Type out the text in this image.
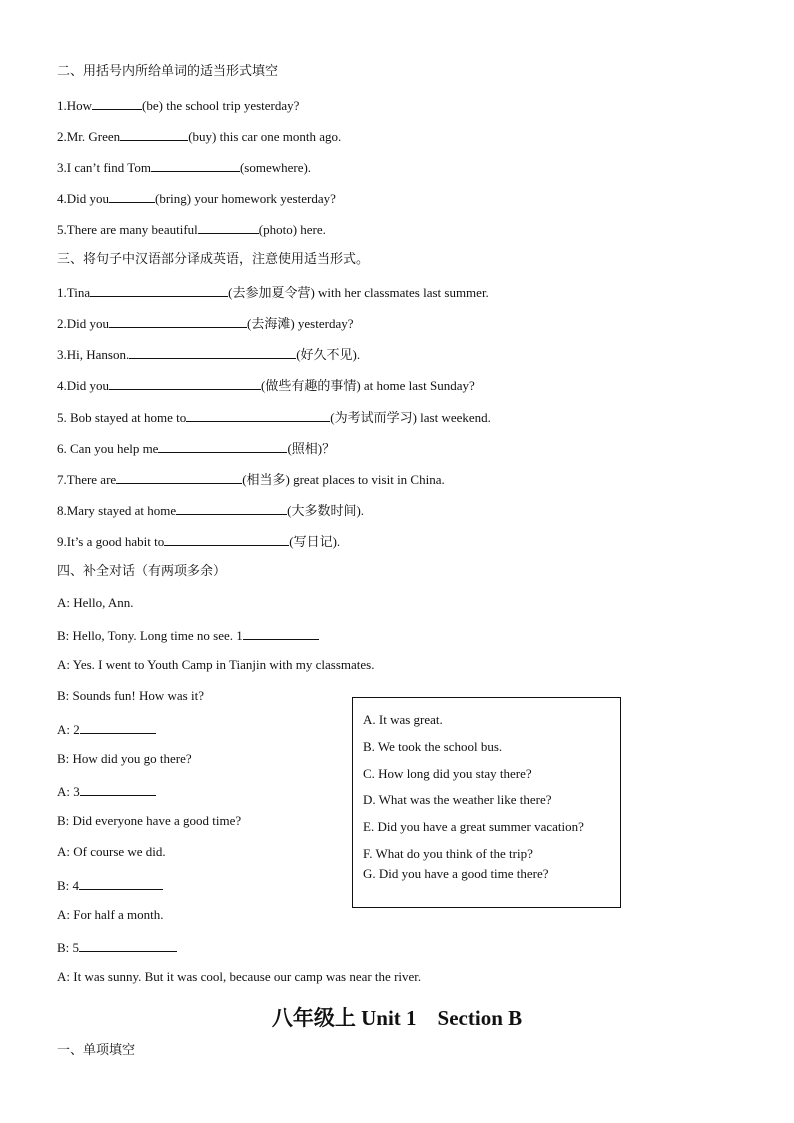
二、用括号内所给单词的适当形式填空
1.How	(be) the school trip yesterday?
2.Mr. Green	(buy) this car one month ago.
3.I can’t find Tom	(somewhere).
4.Did you	(bring) your homework yesterday?
5.There are many beautiful	(photo) here.
三、将句子中汉语部分译成英语，注意使用适当形式。
1.Tina	(去参加夏令营) with her classmates last summer.
2.Did you	(去海滩) yesterday?
3.Hi, Hanson.	(好久不见).
4.Did you	(做些有趣的事情) at home last Sunday?
5. Bob stayed at home to	(为考试而学习) last weekend.
6. Can you help me	(照相)？
7.There are	(相当多) great places to visit in China.
8.Mary stayed at home	(大多数时间).
9.It’s a good habit to	(写日记).
四、补全对话（有两项多余）
A: Hello, Ann.
B: Hello, Tony. Long time no see. 1
A: Yes. I went to Youth Camp in Tianjin with my classmates.
B: Sounds fun! How was it?
A: 2
B: How did you go there?
A: 3
B: Did everyone have a good time?
A: Of course we did.
B: 4
A: For half a month.
B: 5
A: It was sunny. But it was cool, because our camp was near the river.
A. It was great.
B. We took the school bus.
C. How long did you stay there?
D. What was the weather like there?
E. Did you have a great summer vacation?
F. What do you think of the trip?
G. Did you have a good time there?
八年级上 Unit 1 Section B
一、单项填空
